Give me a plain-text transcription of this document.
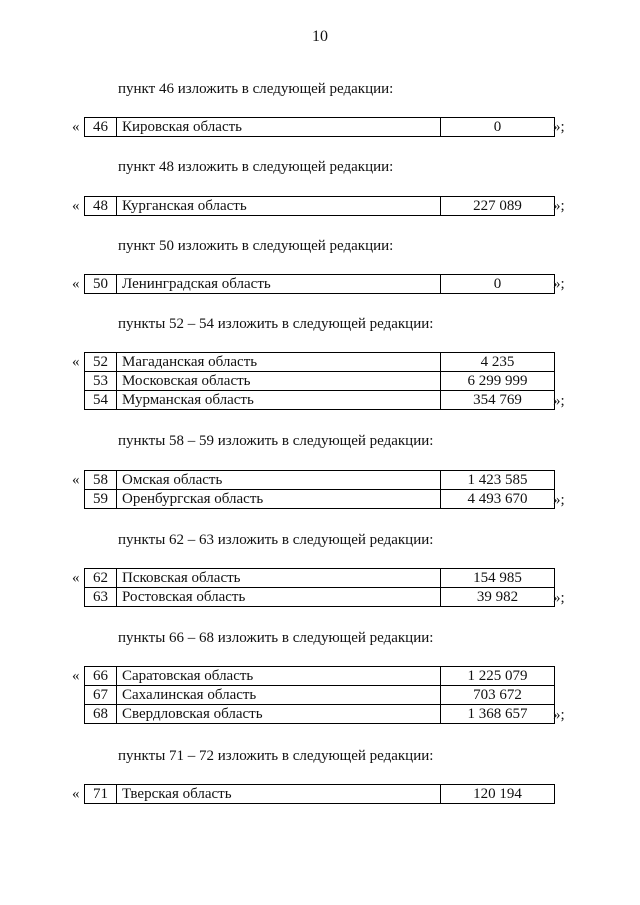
10
пункт 46 изложить в следующей редакции:
« 46	Кировская область	0	»;
пункт 48 изложить в следующей редакции:
« 48	Курганская область	227 089 »;
пункт 50 изложить в следующей редакции:
« 50	Ленинградская область	0	»;
пункты 52 – 54 изложить в следующей редакции:
« 52	Магаданская область	4 235
53	Московская область	6 299 999
54	Мурманская область	354 769 »;
пункты 58 – 59 изложить в следующей редакции:
« 58	Омская область	1 423 585
59	Оренбургская область	4 493 670 »;
пункты 62 – 63 изложить в следующей редакции:
« 62	Псковская область	154 985
63	Ростовская область	39 982 »;
пункты 66 – 68 изложить в следующей редакции:
« 66	Саратовская область	1 225 079
67	Сахалинская область	703 672
68	Свердловская область	1 368 657 »;
пункты 71 – 72 изложить в следующей редакции:
« 71	Тверская область	120 194
